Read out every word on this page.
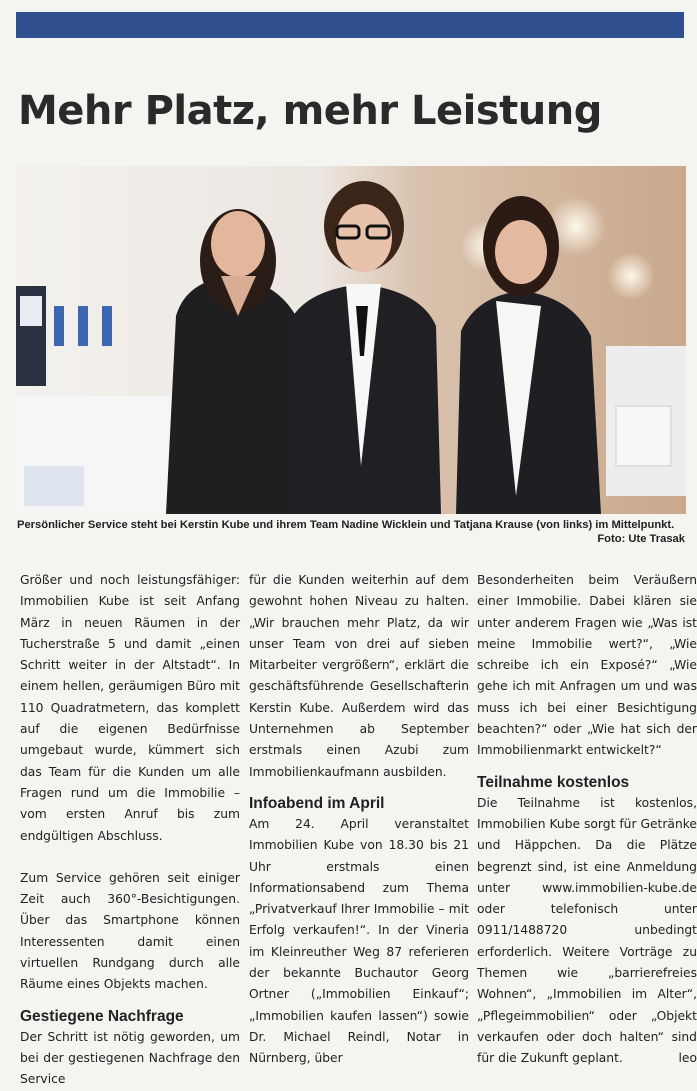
Mehr Platz, mehr Leistung
Persönlicher Service steht bei Kerstin Kube und ihrem Team Nadine Wicklein und Tatjana Krause (von links) im Mittelpunkt.
Foto: Ute Trasak

Größer und noch leistungsfähiger: Immobilien Kube ist seit Anfang März in neuen Räumen in der Tucherstraße 5 und damit „einen Schritt weiter in der Altstadt“. In einem hellen, geräumigen Büro mit 110 Quadratmetern, das komplett auf die eigenen Bedürfnisse umgebaut wurde, kümmert sich das Team für die Kunden um alle Fragen rund um die Immobilie – vom ersten Anruf bis zum endgültigen Abschluss.

Zum Service gehören seit einiger Zeit auch 360°-Besichtigungen. Über das Smartphone können Interessenten damit einen virtuellen Rundgang durch alle Räume eines Objekts machen.

Gestiegene Nachfrage

Der Schritt ist nötig geworden, um bei der gestiegenen Nachfrage den Service

für die Kunden weiterhin auf dem gewohnt hohen Niveau zu halten. „Wir brauchen mehr Platz, da wir unser Team von drei auf sieben Mitarbeiter vergrößern“, erklärt die geschäftsführende Gesellschafterin Kerstin Kube. Außerdem wird das Unternehmen ab September erstmals einen Azubi zum Immobilienkaufmann ausbilden.

Infoabend im April

Am 24. April veranstaltet Immobilien Kube von 18.30 bis 21 Uhr erstmals einen Informationsabend zum Thema „Privatverkauf Ihrer Immobilie – mit Erfolg verkaufen!“. In der Vineria im Kleinreuther Weg 87 referieren der bekannte Buchautor Georg Ortner („Immobilien Einkauf“; „Immobilien kaufen lassen“) sowie Dr. Michael Reindl, Notar in Nürnberg, über

Besonderheiten beim Veräußern einer Immobilie. Dabei klären sie unter anderem Fragen wie „Was ist meine Immobilie wert?“, „Wie schreibe ich ein Exposé?“ „Wie gehe ich mit Anfragen um und was muss ich bei einer Besichtigung beachten?“ oder „Wie hat sich der Immobilienmarkt entwickelt?“

Teilnahme kostenlos

Die Teilnahme ist kostenlos, Immobilien Kube sorgt für Getränke und Häppchen. Da die Plätze begrenzt sind, ist eine Anmeldung unter www.immobilien-kube.de oder telefonisch unter 0911/1488720 unbedingt erforderlich. Weitere Vorträge zu Themen wie „barrierefreies Wohnen“, „Immobilien im Alter“, „Pflegeimmobilien“ oder „Objekt verkaufen oder doch halten“ sind für die Zukunft geplant.	leo
